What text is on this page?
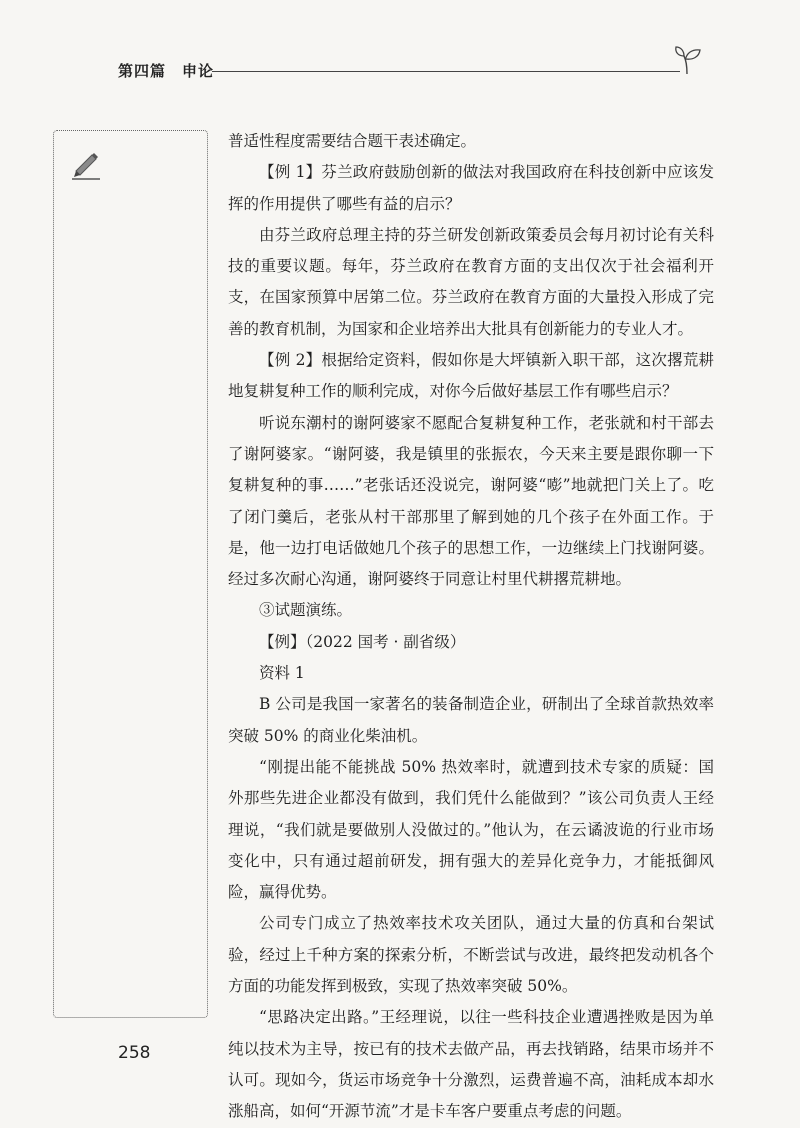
第四篇　申论

普适性程度需要结合题干表述确定。

【例 1】芬兰政府鼓励创新的做法对我国政府在科技创新中应该发挥的作用提供了哪些有益的启示？

由芬兰政府总理主持的芬兰研发创新政策委员会每月初讨论有关科技的重要议题。每年，芬兰政府在教育方面的支出仅次于社会福利开支，在国家预算中居第二位。芬兰政府在教育方面的大量投入形成了完善的教育机制，为国家和企业培养出大批具有创新能力的专业人才。

【例 2】根据给定资料，假如你是大坪镇新入职干部，这次撂荒耕地复耕复种工作的顺利完成，对你今后做好基层工作有哪些启示？

听说东潮村的谢阿婆家不愿配合复耕复种工作，老张就和村干部去了谢阿婆家。“谢阿婆，我是镇里的张振农，今天来主要是跟你聊一下复耕复种的事……”老张话还没说完，谢阿婆“嘭”地就把门关上了。吃了闭门羹后，老张从村干部那里了解到她的几个孩子在外面工作。于是，他一边打电话做她几个孩子的思想工作，一边继续上门找谢阿婆。经过多次耐心沟通，谢阿婆终于同意让村里代耕撂荒耕地。

③试题演练。

【例】（2022 国考 · 副省级）

资料 1

B 公司是我国一家著名的装备制造企业，研制出了全球首款热效率突破 50% 的商业化柴油机。

“刚提出能不能挑战 50% 热效率时，就遭到技术专家的质疑：国外那些先进企业都没有做到，我们凭什么能做到？”该公司负责人王经理说，“我们就是要做别人没做过的。”他认为，在云谲波诡的行业市场变化中，只有通过超前研发，拥有强大的差异化竞争力，才能抵御风险，赢得优势。

公司专门成立了热效率技术攻关团队，通过大量的仿真和台架试验，经过上千种方案的探索分析，不断尝试与改进，最终把发动机各个方面的功能发挥到极致，实现了热效率突破 50%。

“思路决定出路。”王经理说，以往一些科技企业遭遇挫败是因为单纯以技术为主导，按已有的技术去做产品，再去找销路，结果市场并不认可。现如今，货运市场竞争十分激烈，运费普遍不高，油耗成本却水涨船高，如何“开源节流”才是卡车客户要重点考虑的问题。

258
